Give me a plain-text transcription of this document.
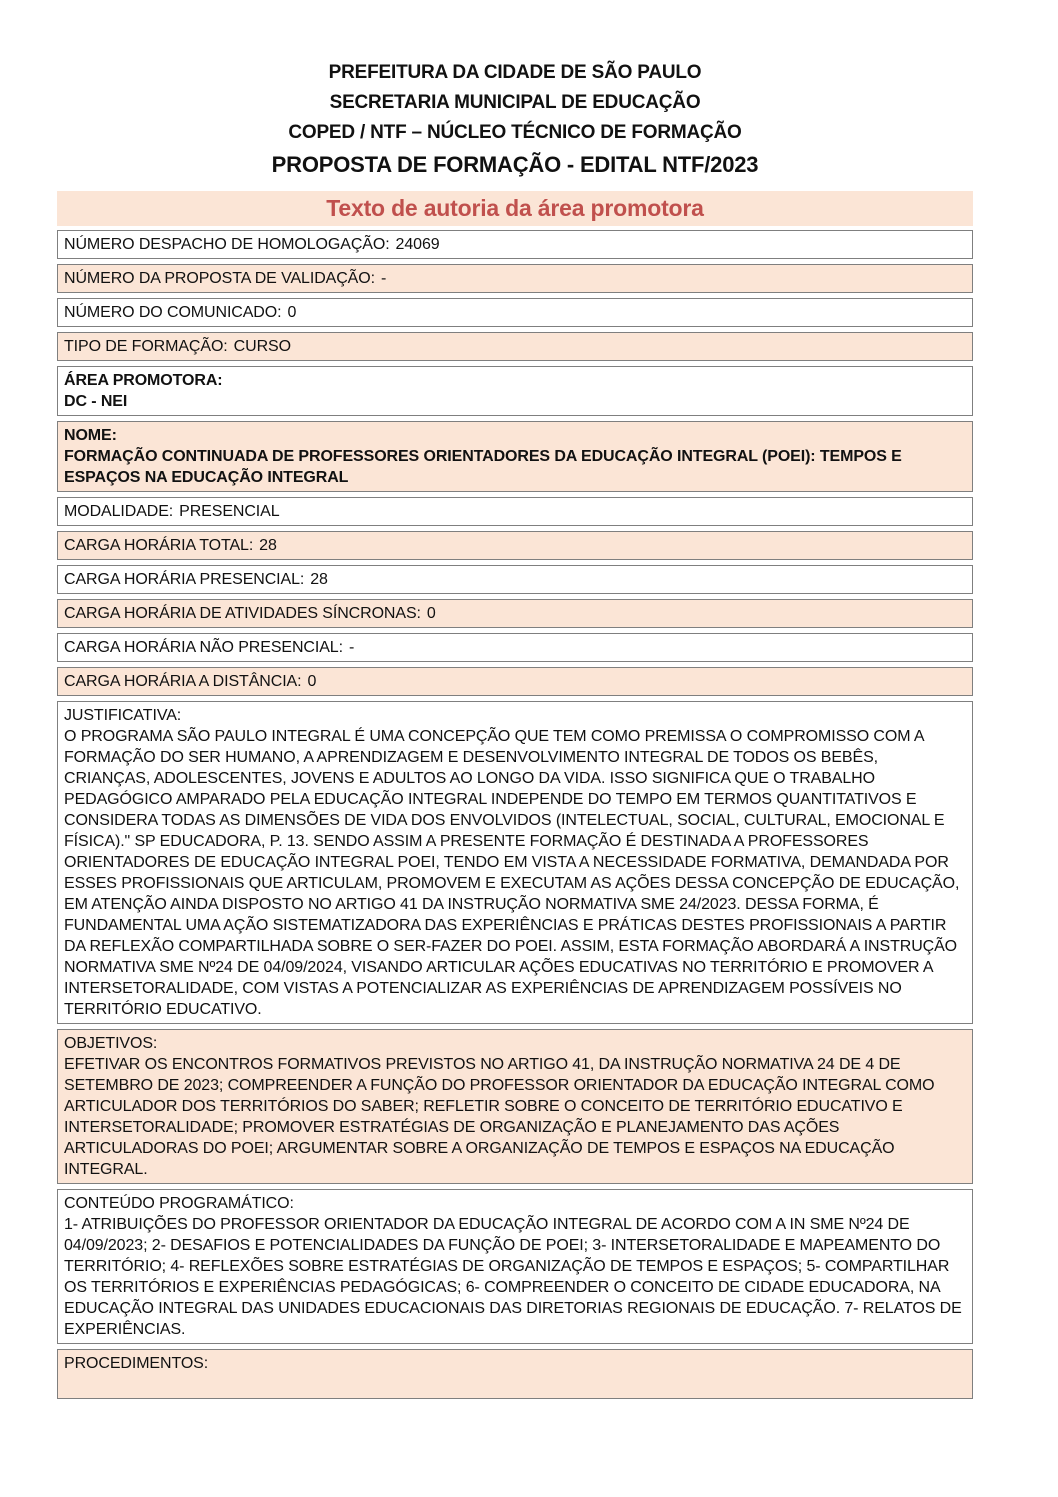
PREFEITURA DA CIDADE DE SÃO PAULO
SECRETARIA MUNICIPAL DE EDUCAÇÃO
COPED / NTF – NÚCLEO TÉCNICO DE FORMAÇÃO
PROPOSTA DE FORMAÇÃO - EDITAL NTF/2023
Texto de autoria da área promotora
NÚMERO DESPACHO DE HOMOLOGAÇÃO: 24069
NÚMERO DA PROPOSTA DE VALIDAÇÃO: -
NÚMERO DO COMUNICADO: 0
TIPO DE FORMAÇÃO: CURSO
ÁREA PROMOTORA:
DC - NEI
NOME:
FORMAÇÃO CONTINUADA DE PROFESSORES ORIENTADORES DA EDUCAÇÃO INTEGRAL (POEI): TEMPOS E ESPAÇOS NA EDUCAÇÃO INTEGRAL
MODALIDADE: PRESENCIAL
CARGA HORÁRIA TOTAL: 28
CARGA HORÁRIA PRESENCIAL: 28
CARGA HORÁRIA DE ATIVIDADES SÍNCRONAS: 0
CARGA HORÁRIA NÃO PRESENCIAL: -
CARGA HORÁRIA A DISTÂNCIA: 0
JUSTIFICATIVA:
O PROGRAMA SÃO PAULO INTEGRAL É UMA CONCEPÇÃO QUE TEM COMO PREMISSA O COMPROMISSO COM A FORMAÇÃO DO SER HUMANO, A APRENDIZAGEM E DESENVOLVIMENTO INTEGRAL DE TODOS OS BEBÊS, CRIANÇAS, ADOLESCENTES, JOVENS E ADULTOS AO LONGO DA VIDA. ISSO SIGNIFICA QUE O TRABALHO PEDAGÓGICO AMPARADO PELA EDUCAÇÃO INTEGRAL INDEPENDE DO TEMPO EM TERMOS QUANTITATIVOS E CONSIDERA TODAS AS DIMENSÕES DE VIDA DOS ENVOLVIDOS (INTELECTUAL, SOCIAL, CULTURAL, EMOCIONAL E FÍSICA)." SP EDUCADORA, P. 13. SENDO ASSIM A PRESENTE FORMAÇÃO É DESTINADA A PROFESSORES ORIENTADORES DE EDUCAÇÃO INTEGRAL POEI, TENDO EM VISTA A NECESSIDADE FORMATIVA, DEMANDADA POR ESSES PROFISSIONAIS QUE ARTICULAM, PROMOVEM E EXECUTAM AS AÇÕES DESSA CONCEPÇÃO DE EDUCAÇÃO, EM ATENÇÃO AINDA DISPOSTO NO ARTIGO 41 DA INSTRUÇÃO NORMATIVA SME 24/2023. DESSA FORMA, É FUNDAMENTAL UMA AÇÃO SISTEMATIZADORA DAS EXPERIÊNCIAS E PRÁTICAS DESTES PROFISSIONAIS A PARTIR DA REFLEXÃO COMPARTILHADA SOBRE O SER-FAZER DO POEI. ASSIM, ESTA FORMAÇÃO ABORDARÁ A INSTRUÇÃO NORMATIVA SME Nº24 DE 04/09/2024, VISANDO ARTICULAR AÇÕES EDUCATIVAS NO TERRITÓRIO E PROMOVER A INTERSETORALIDADE, COM VISTAS A POTENCIALIZAR AS EXPERIÊNCIAS DE APRENDIZAGEM POSSÍVEIS NO TERRITÓRIO EDUCATIVO.
OBJETIVOS:
EFETIVAR OS ENCONTROS FORMATIVOS PREVISTOS NO ARTIGO 41, DA INSTRUÇÃO NORMATIVA 24 DE 4 DE SETEMBRO DE 2023; COMPREENDER A FUNÇÃO DO PROFESSOR ORIENTADOR DA EDUCAÇÃO INTEGRAL COMO ARTICULADOR DOS TERRITÓRIOS DO SABER; REFLETIR SOBRE O CONCEITO DE TERRITÓRIO EDUCATIVO E INTERSETORALIDADE; PROMOVER ESTRATÉGIAS DE ORGANIZAÇÃO E PLANEJAMENTO DAS AÇÕES ARTICULADORAS DO POEI; ARGUMENTAR SOBRE A ORGANIZAÇÃO DE TEMPOS E ESPAÇOS NA EDUCAÇÃO INTEGRAL.
CONTEÚDO PROGRAMÁTICO:
1- ATRIBUIÇÕES DO PROFESSOR ORIENTADOR DA EDUCAÇÃO INTEGRAL DE ACORDO COM A IN SME Nº24 DE 04/09/2023; 2- DESAFIOS E POTENCIALIDADES DA FUNÇÃO DE POEI; 3- INTERSETORALIDADE E MAPEAMENTO DO TERRITÓRIO; 4- REFLEXÕES SOBRE ESTRATÉGIAS DE ORGANIZAÇÃO DE TEMPOS E ESPAÇOS; 5- COMPARTILHAR OS TERRITÓRIOS E EXPERIÊNCIAS PEDAGÓGICAS; 6- COMPREENDER O CONCEITO DE CIDADE EDUCADORA, NA EDUCAÇÃO INTEGRAL DAS UNIDADES EDUCACIONAIS DAS DIRETORIAS REGIONAIS DE EDUCAÇÃO. 7- RELATOS DE EXPERIÊNCIAS.
PROCEDIMENTOS:
